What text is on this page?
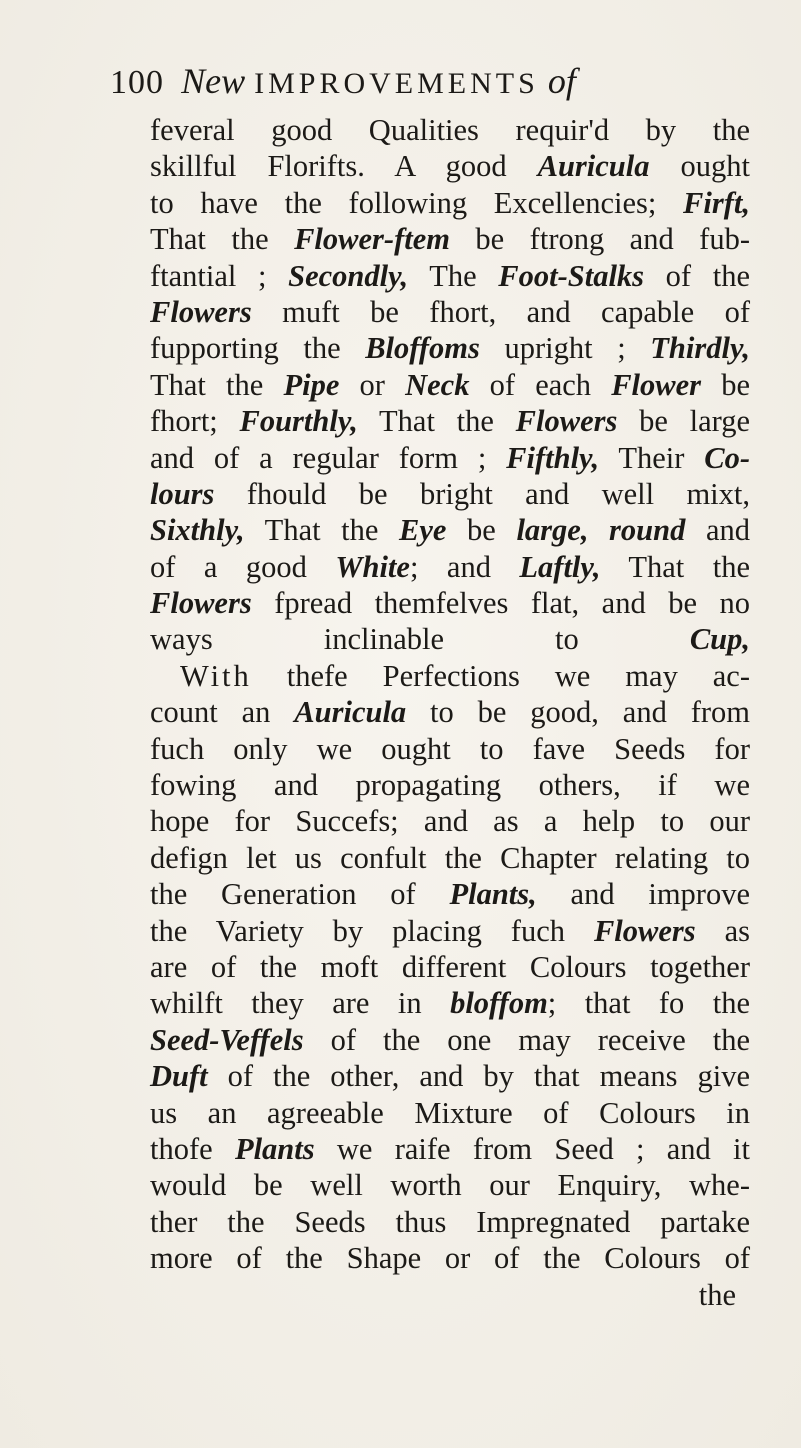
100 New IMPROVEMENTS of
feveral good Qualities requir'd by the
skillful Florifts. A good Auricula ought
to have the following Excellencies; Firft,
That the Flower-ftem be ftrong and fub-
ftantial ; Secondly, The Foot-Stalks of the
Flowers muft be fhort, and capable of
fupporting the Bloffoms upright ; Thirdly,
That the Pipe or Neck of each Flower be
fhort; Fourthly, That the Flowers be large
and of a regular form ; Fifthly, Their Co-
lours fhould be bright and well mixt,
Sixthly, That the Eye be large, round and
of a good White; and Laftly, That the
Flowers fpread themfelves flat, and be no
ways inclinable to Cup,
With thefe Perfections we may ac-
count an Auricula to be good, and from
fuch only we ought to fave Seeds for
fowing and propagating others, if we
hope for Succefs; and as a help to our
defign let us confult the Chapter relating to
the Generation of Plants, and improve
the Variety by placing fuch Flowers as
are of the moft different Colours together
whilft they are in bloffom; that fo the
Seed-Veffels of the one may receive the
Duft of the other, and by that means give
us an agreeable Mixture of Colours in
thofe Plants we raife from Seed ; and it
would be well worth our Enquiry, whe-
ther the Seeds thus Impregnated partake
more of the Shape or of the Colours of
the
